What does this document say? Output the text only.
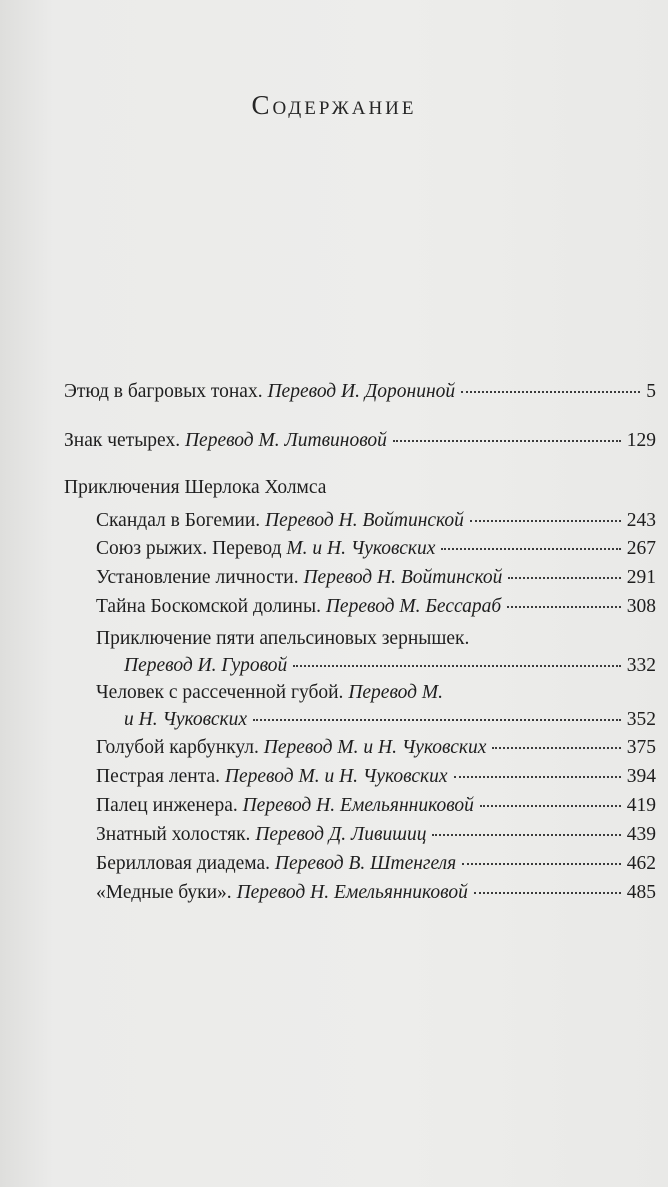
Содержание
Этюд в багровых тонах. Перевод И. Дорониной	5
Знак четырех. Перевод М. Литвиновой	129
Приключения Шерлока Холмса
Скандал в Богемии. Перевод Н. Войтинской	243
Союз рыжих. Перевод М. и Н. Чуковских	267
Установление личности. Перевод Н. Войтинской	291
Тайна Боскомской долины. Перевод М. Бессараб	308
Приключение пяти апельсиновых зернышек.
Перевод И. Гуровой	332
Человек с рассеченной губой. Перевод М.
и Н. Чуковских	352
Голубой карбункул. Перевод М. и Н. Чуковских	375
Пестрая лента. Перевод М. и Н. Чуковских	394
Палец инженера. Перевод Н. Емельянниковой	419
Знатный холостяк. Перевод Д. Ливишиц	439
Берилловая диадема. Перевод В. Штенгеля	462
«Медные буки». Перевод Н. Емельянниковой	485
